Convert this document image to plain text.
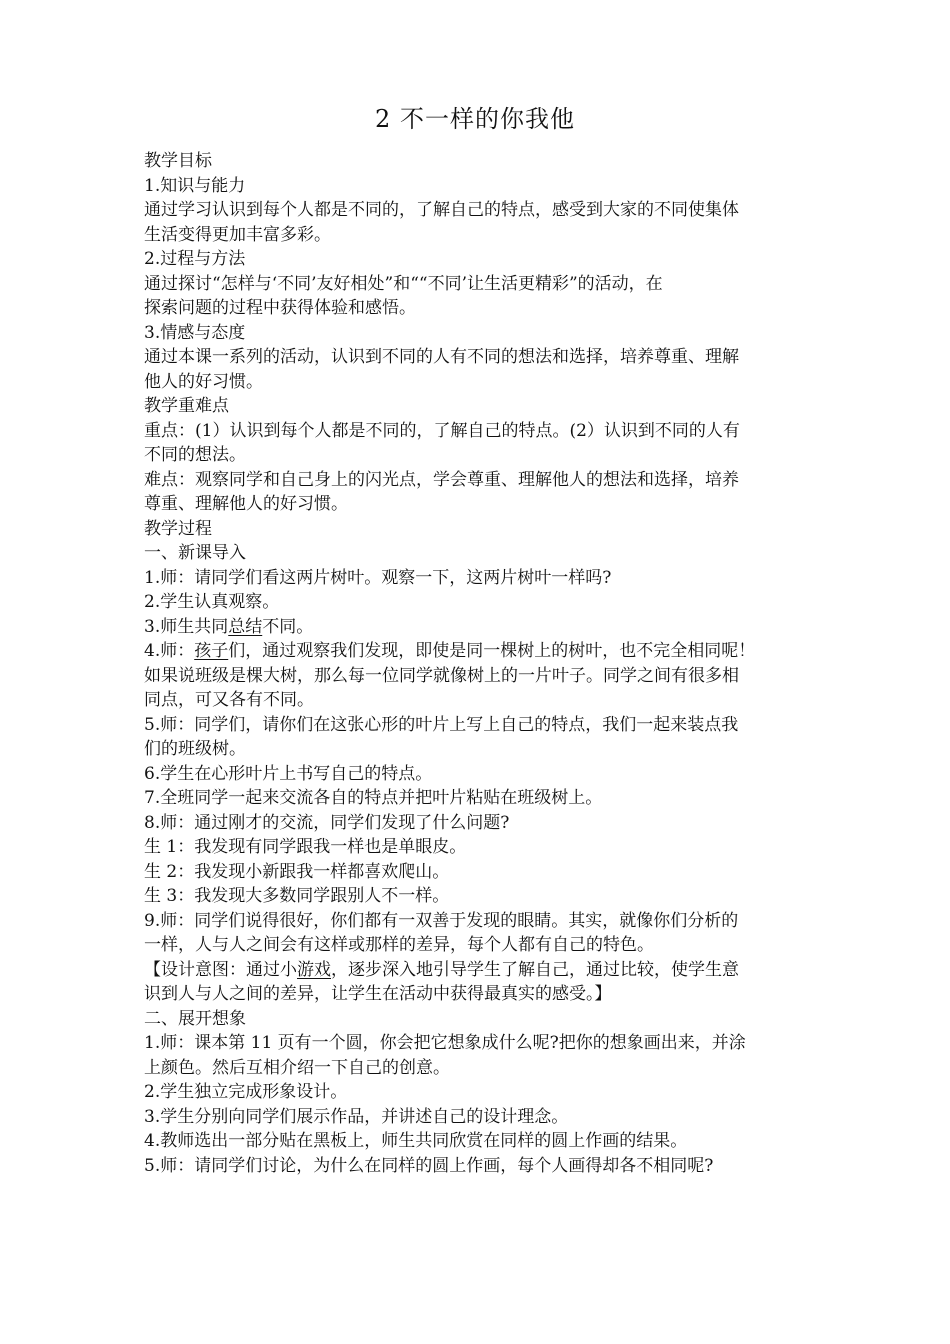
2 不一样的你我他
教学目标
1.知识与能力
通过学习认识到每个人都是不同的，了解自己的特点，感受到大家的不同使集体
生活变得更加丰富多彩。
2.过程与方法
通过探讨“怎样与‘不同’友好相处”和““不同’让生活更精彩”的活动，在
探索问题的过程中获得体验和感悟。
3.情感与态度
通过本课一系列的活动，认识到不同的人有不同的想法和选择，培养尊重、理解
他人的好习惯。
教学重难点
重点：(1）认识到每个人都是不同的，了解自己的特点。(2）认识到不同的人有
不同的想法。
难点：观察同学和自己身上的闪光点，学会尊重、理解他人的想法和选择，培养
尊重、理解他人的好习惯。
教学过程
一、新课导入
1.师：请同学们看这两片树叶。观察一下，这两片树叶一样吗?
2.学生认真观察。
3.师生共同总结不同。
4.师：孩子们，通过观察我们发现，即使是同一棵树上的树叶，也不完全相同呢！
如果说班级是棵大树，那么每一位同学就像树上的一片叶子。同学之间有很多相
同点，可又各有不同。
5.师：同学们，请你们在这张心形的叶片上写上自己的特点，我们一起来装点我
们的班级树。
6.学生在心形叶片上书写自己的特点。
7.全班同学一起来交流各自的特点并把叶片粘贴在班级树上。
8.师：通过刚才的交流，同学们发现了什么问题?
生 1：我发现有同学跟我一样也是单眼皮。
生 2：我发现小新跟我一样都喜欢爬山。
生 3：我发现大多数同学跟别人不一样。
9.师：同学们说得很好，你们都有一双善于发现的眼睛。其实，就像你们分析的
一样，人与人之间会有这样或那样的差异，每个人都有自己的特色。
【设计意图：通过小游戏，逐步深入地引导学生了解自己，通过比较，使学生意
识到人与人之间的差异，让学生在活动中获得最真实的感受。】
二、展开想象
1.师：课本第 11 页有一个圆，你会把它想象成什么呢?把你的想象画出来，并涂
上颜色。然后互相介绍一下自己的创意。
2.学生独立完成形象设计。
3.学生分别向同学们展示作品，并讲述自己的设计理念。
4.教师选出一部分贴在黑板上，师生共同欣赏在同样的圆上作画的结果。
5.师：请同学们讨论，为什么在同样的圆上作画，每个人画得却各不相同呢?
